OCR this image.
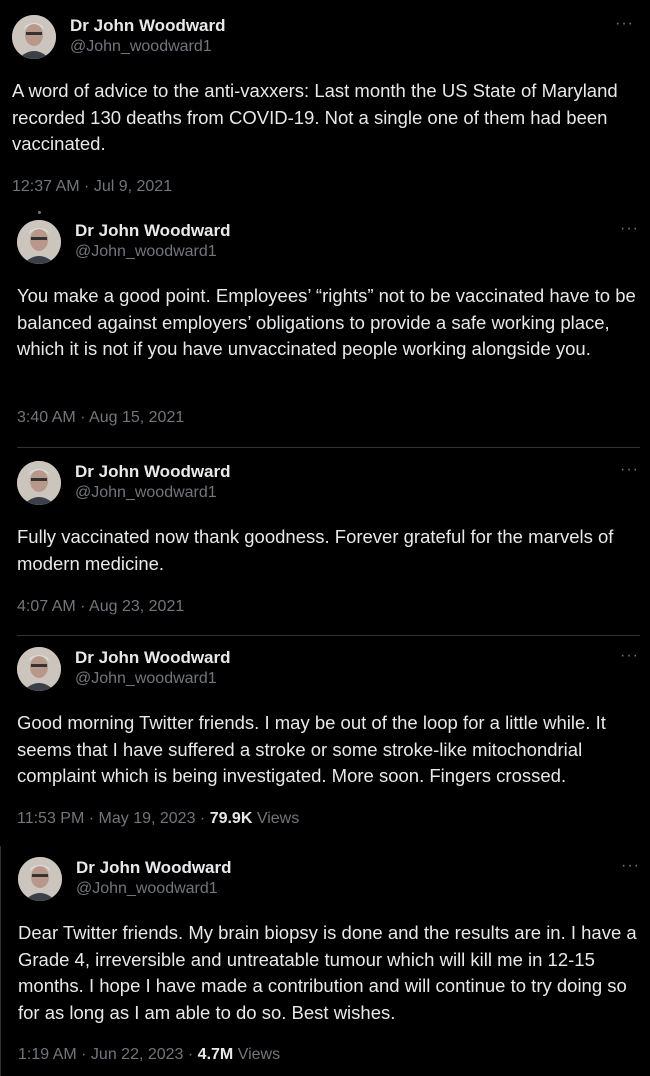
Dr John Woodward
@John_woodward1
···
A word of advice to the anti-vaxxers: Last month the US State of Maryland recorded 130 deaths from COVID-19. Not a single one of them had been vaccinated.
12:37 AM · Jul 9, 2021
Dr John Woodward
@John_woodward1
···
You make a good point. Employees’ “rights” not to be vaccinated have to be balanced against employers’ obligations to provide a safe working place, which it is not if you have unvaccinated people working alongside you.
3:40 AM · Aug 15, 2021
Dr John Woodward
@John_woodward1
···
Fully vaccinated now thank goodness. Forever grateful for the marvels of modern medicine.
4:07 AM · Aug 23, 2021
Dr John Woodward
@John_woodward1
···
Good morning Twitter friends. I may be out of the loop for a little while. It seems that I have suffered a stroke or some stroke-like mitochondrial complaint which is being investigated. More soon. Fingers crossed.
11:53 PM · May 19, 2023 · 79.9K Views
Dr John Woodward
@John_woodward1
···
Dear Twitter friends. My brain biopsy is done and the results are in. I have a Grade 4, irreversible and untreatable tumour which will kill me in 12-15 months. I hope I have made a contribution and will continue to try doing so for as long as I am able to do so. Best wishes.
1:19 AM · Jun 22, 2023 · 4.7M Views
